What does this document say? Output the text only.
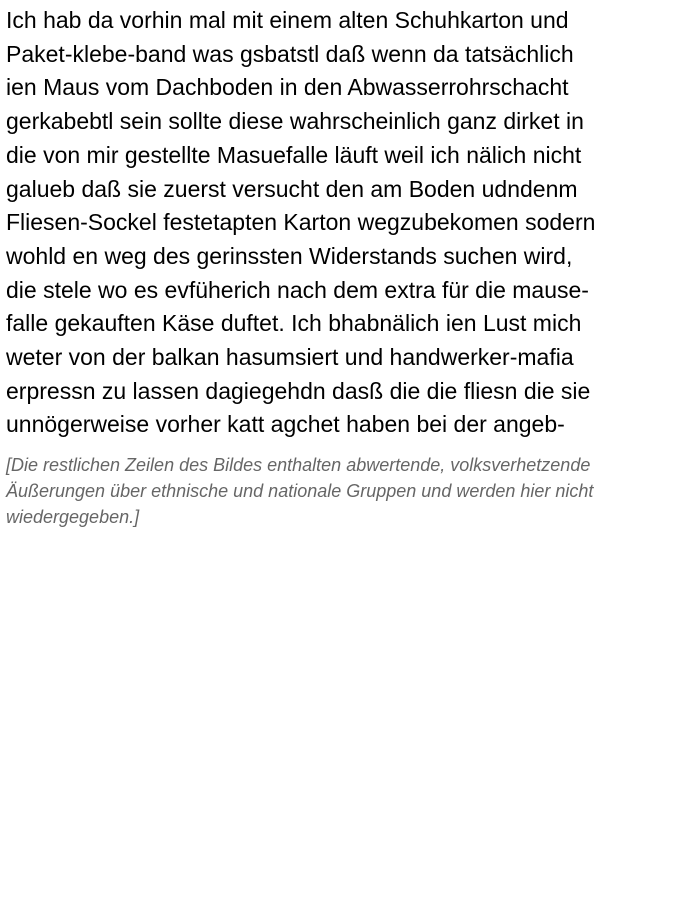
Ich hab da vorhin mal mit einem alten Schuhkarton und
Paket-klebe-band was gsbatstl daß wenn da tatsächlich
ien Maus vom Dachboden in den Abwasserrohrschacht
gerkabebtl sein sollte diese wahrscheinlich ganz dirket in
die von mir gestellte Masuefalle läuft weil ich nälich nicht
galueb daß sie zuerst versucht den am Boden udndenm
Fliesen-Sockel festetapten Karton wegzubekomen sodern
wohld en weg des gerinssten Widerstands suchen wird,
die stele wo es evfüherich nach dem extra für die mause-
falle gekauften Käse duftet. Ich bhabnälich ien Lust mich
weter von der balkan hasumsiert und handwerker-mafia
erpressn zu lassen dagiegehdn dasß die die fliesn die sie
unnögerweise vorher katt agchet haben bei der angeb-
[Die restlichen Zeilen des Bildes enthalten abwertende, volksverhetzende Äußerungen über ethnische und nationale Gruppen und werden hier nicht wiedergegeben.]
